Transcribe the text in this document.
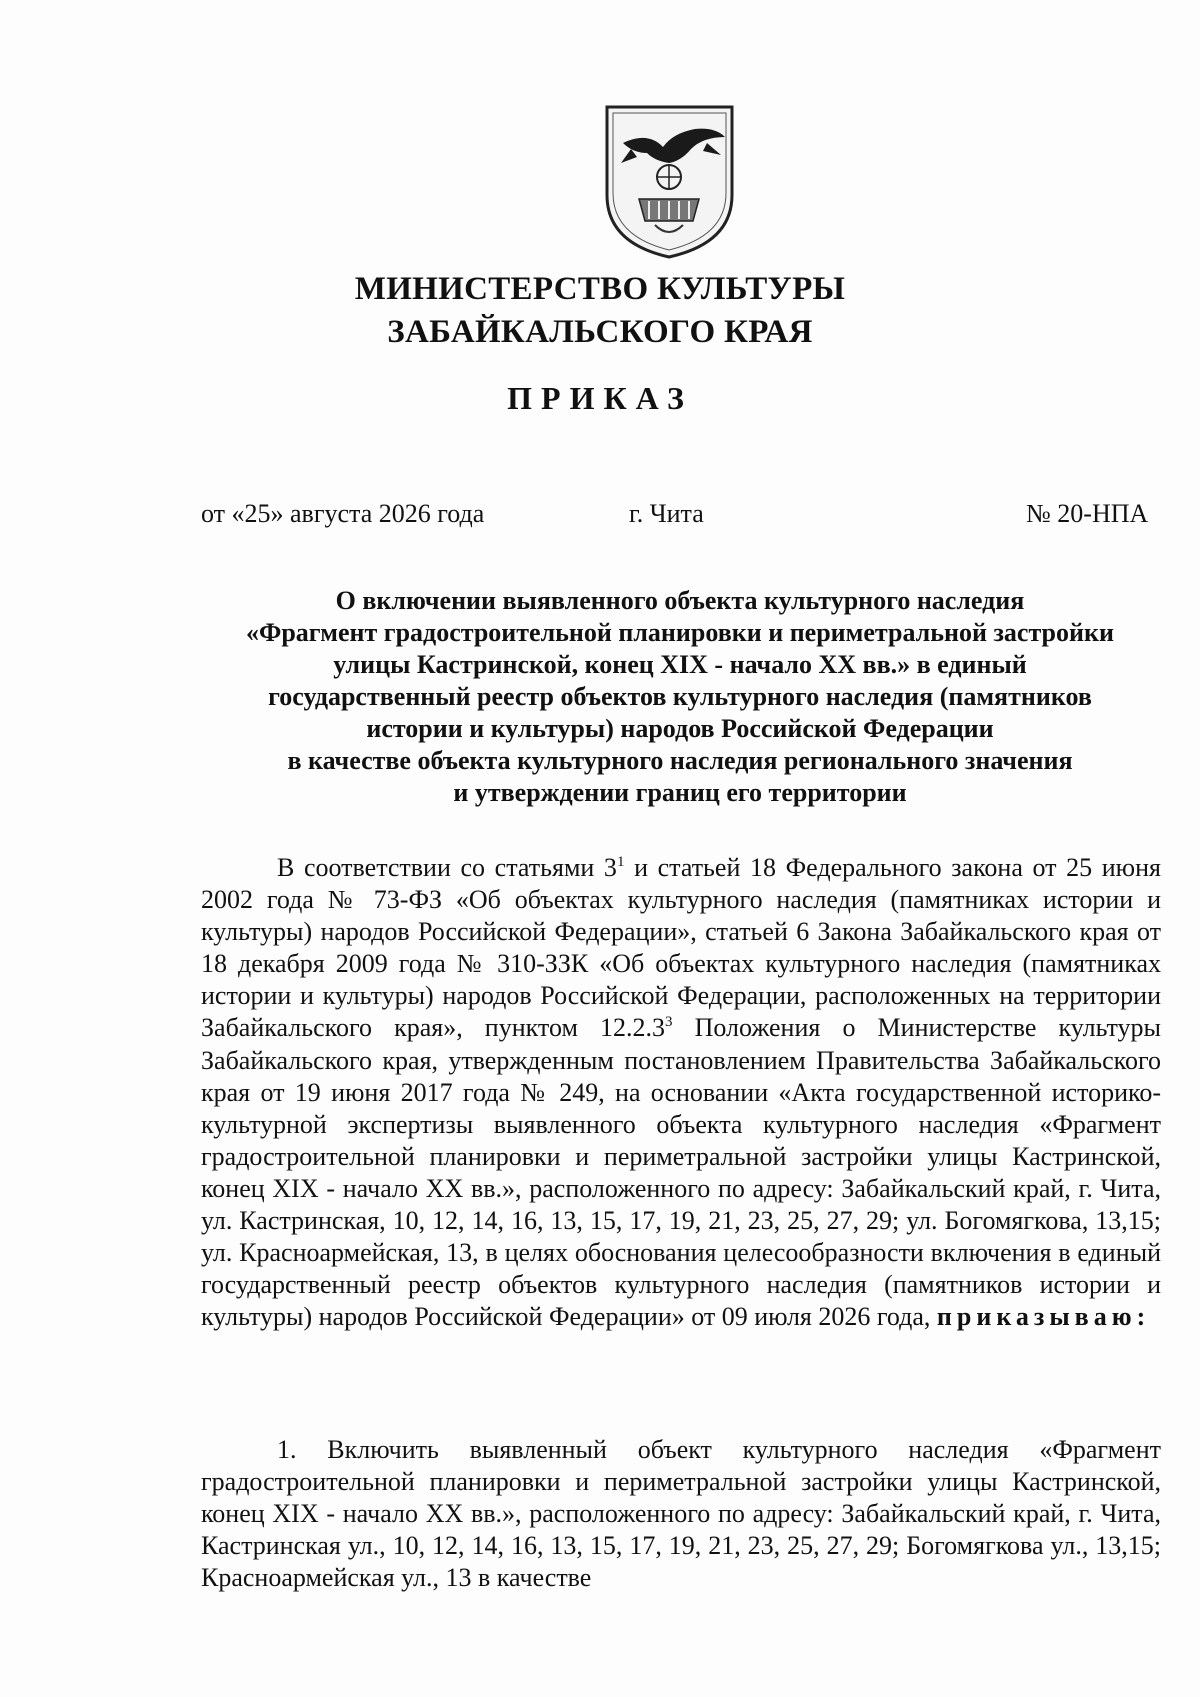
МИНИСТЕРСТВО КУЛЬТУРЫ
ЗАБАЙКАЛЬСКОГО КРАЯ
ПРИКАЗ
от «25» августа 2026 года	г. Чита	№ 20-НПА
О включении выявленного объекта культурного наследия
«Фрагмент градостроительной планировки и периметральной застройки
улицы Кастринской, конец XIX - начало XX вв.» в единый
государственный реестр объектов культурного наследия (памятников
истории и культуры) народов Российской Федерации
в качестве объекта культурного наследия регионального значения
и утверждении границ его территории
В соответствии со статьями $3^1$ и статьей 18 Федерального закона от 25 июня 2002 года № 73-ФЗ «Об объектах культурного наследия (памятниках истории и культуры) народов Российской Федерации», статьей 6 Закона Забайкальского края от 18 декабря 2009 года № 310-ЗЗК «Об объектах культурного наследия (памятниках истории и культуры) народов Российской Федерации, расположенных на территории Забайкальского края», пунктом 12.2.3$^3$ Положения о Министерстве культуры Забайкальского края, утвержденным постановлением Правительства Забайкальского края от 19 июня 2017 года № 249, на основании «Акта государственной историко-культурной экспертизы выявленного объекта культурного наследия «Фрагмент градостроительной планировки и периметральной застройки улицы Кастринской, конец XIX - начало XX вв.», расположенного по адресу: Забайкальский край, г. Чита, ул. Кастринская, 10, 12, 14, 16, 13, 15, 17, 19, 21, 23, 25, 27, 29; ул. Богомягкова, 13,15; ул. Красноармейская, 13, в целях обоснования целесообразности включения в единый государственный реестр объектов культурного наследия (памятников истории и культуры) народов Российской Федерации» от 09 июля 2026 года, приказываю:
1. Включить выявленный объект культурного наследия «Фрагмент градостроительной планировки и периметральной застройки улицы Кастринской, конец XIX - начало XX вв.», расположенного по адресу: Забайкальский край, г. Чита, Кастринская ул., 10, 12, 14, 16, 13, 15, 17, 19, 21, 23, 25, 27, 29; Богомягкова ул., 13,15; Красноармейская ул., 13 в качестве
